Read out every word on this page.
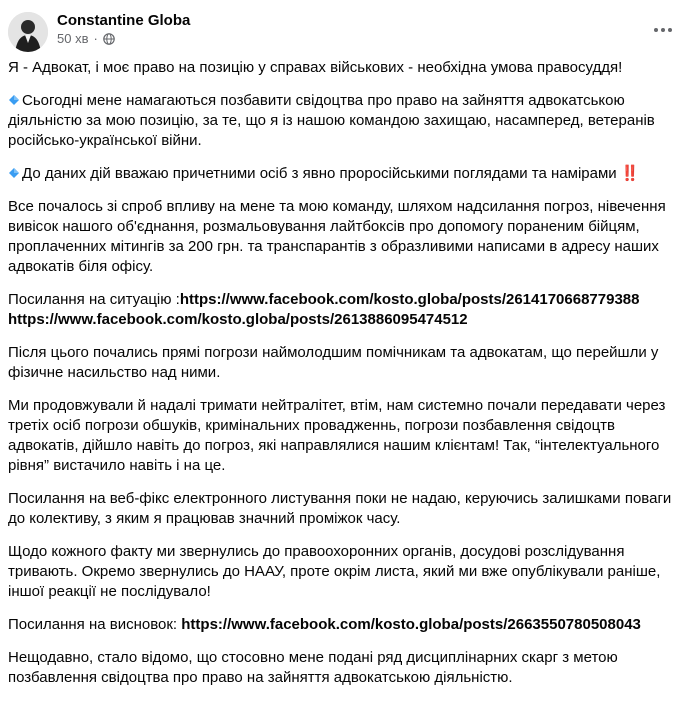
Constantine Globa
50 хв ·

Я - Адвокат, і моє право на позицію у справах військових - необхідна умова правосуддя!

Сьогодні мене намагаються позбавити свідоцтва про право на зайняття адвокатською діяльністю за мою позицію, за те, що я із нашою командою захищаю, насамперед, ветеранів російсько-української війни.

До даних дій вважаю причетними осіб з явно проросійськими поглядами та намірами ‼️

Все почалось зі спроб впливу на мене та мою команду, шляхом надсилання погроз, нівечення вивісок нашого об'єднання, розмальовування лайтбоксів про допомогу пораненим бійцям, проплаченних мітингів за 200 грн. та транспарантів з образливими написами в адресу наших адвокатів біля офісу.

Посилання на ситуацію :https://www.facebook.com/kosto.globa/posts/2614170668779388
https://www.facebook.com/kosto.globa/posts/2613886095474512

Після цього почались прямі погрози наймолодшим помічникам та адвокатам, що перейшли у фізичне насильство над ними.

Ми продовжували й надалі тримати нейтралітет, втім, нам системно почали передавати через третіх осіб погрози обшуків, кримінальних провадженнь, погрози позбавлення свідоцтв адвокатів, дійшло навіть до погроз, які направлялися нашим клієнтам! Так, “інтелектуального рівня” вистачило навіть і на це.

Посилання на веб-фікс електронного листування поки не надаю, керуючись залишками поваги до колективу, з яким я працював значний проміжок часу.

Щодо кожного факту ми звернулись до правоохоронних органів, досудові розслідування тривають. Окремо звернулись до НААУ, проте окрім листа, який ми вже опублікували раніше, іншої реакції не послідувало!

Посилання на висновок: https://www.facebook.com/kosto.globa/posts/2663550780508043

Нещодавно, стало відомо, що стосовно мене подані ряд дисциплінарних скарг з метою позбавлення свідоцтва про право на зайняття адвокатською діяльністю.
